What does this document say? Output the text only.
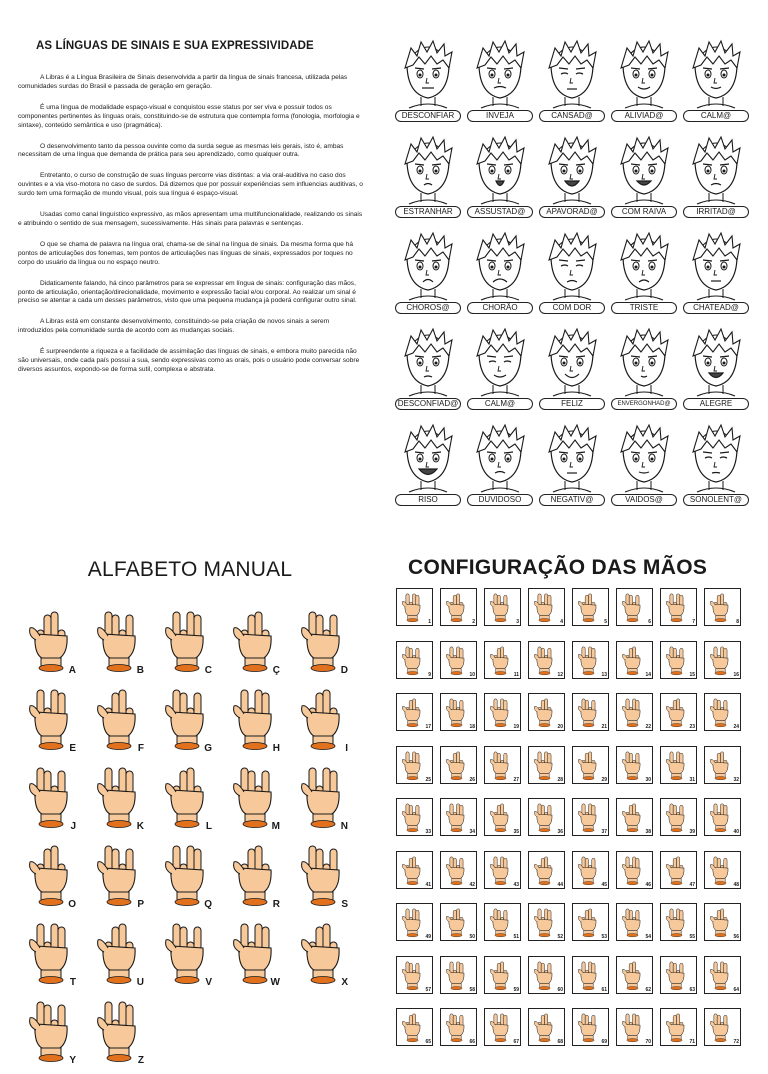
AS LÍNGUAS DE SINAIS E SUA EXPRESSIVIDADE

A Libras é a Língua Brasileira de Sinais desenvolvida a partir da língua de sinais francesa, utilizada pelas comunidades surdas do Brasil e passada de geração em geração.

É uma língua de modalidade espaço-visual e conquistou esse status por ser viva e possuir todos os componentes pertinentes às línguas orais, constituindo-se de estrutura que contempla forma (fonologia, morfologia e sintaxe), conteúdo semântica e uso (pragmática).

O desenvolvimento tanto da pessoa ouvinte como da surda segue as mesmas leis gerais, isto é, ambas necessitam de uma língua que demanda de prática para seu aprendizado, como qualquer outra.

Entretanto, o curso de construção de suas línguas percorre vias distintas: a via oral-auditiva no caso dos ouvintes e a via viso-motora no caso de surdos. Dá dizemos que por possuir experiências sem influencias auditivas, o surdo tem uma formação de mundo visual, pois sua língua é espaço-visual.

Usadas como canal linguístico expressivo, as mãos apresentam uma multifuncionalidade, realizando os sinais e atribuindo o sentido de sua mensagem, sucessivamente. Hás sinais para palavras e sentenças.

O que se chama de palavra na língua oral, chama-se de sinal na língua de sinais. Da mesma forma que há pontos de articulações dos fonemas, tem pontos de articulações nas línguas de sinais, expressados por toques no corpo do usuário da língua ou no espaço neutro.

Didaticamente falando, há cinco parâmetros para se expressar em língua de sinais: configuração das mãos, ponto de articulação, orientação/direcionalidade, movimento e expressão facial e/ou corporal. Ao realizar um sinal é preciso se atentar a cada um desses parâmetros, visto que uma pequena mudança já poderá configurar outro sinal.

A Libras está em constante desenvolvimento, constituindo-se pela criação de novos sinais a serem introduzidos pela comunidade surda de acordo com as mudanças sociais.

É surpreendente a riqueza e a facilidade de assimilação das línguas de sinais, e embora muito parecida não são universais, onde cada país possui a sua, sendo expressivas como as orais, pois o usuário pode conversar sobre diversos assuntos, expondo-se de forma sutil, complexa e abstrata.

DESCONFIAR	INVEJA	CANSAD@	ALIVIAD@	CALM@
ESTRANHAR	ASSUSTAD@	APAVORAD@	COM RAIVA	IRRITAD@
CHOROS@	CHORÃO	COM DOR	TRISTE	CHATEAD@
DESCONFIAD@	CALM@	FELIZ	ENVERGONHAD@	ALEGRE
RISO	DUVIDOSO	NEGATIV@	VAIDOS@	SONOLENT@
ALFABETO MANUAL
A	B	C	Ç	D
E	F	G	H	I
J	K	L	M	N
O	P	Q	R	S
T	U	V	W	X
Y	Z
CONFIGURAÇÃO DAS MÃOS
1	2	3	4	5	6	7	8
9	10	11	12	13	14	15	16
17	18	19	20	21	22	23	24
25	26	27	28	29	30	31	32
33	34	35	36	37	38	39	40
41	42	43	44	45	46	47	48
49	50	51	52	53	54	55	56
57	58	59	60	61	62	63	64
65	66	67	68	69	70	71	72
